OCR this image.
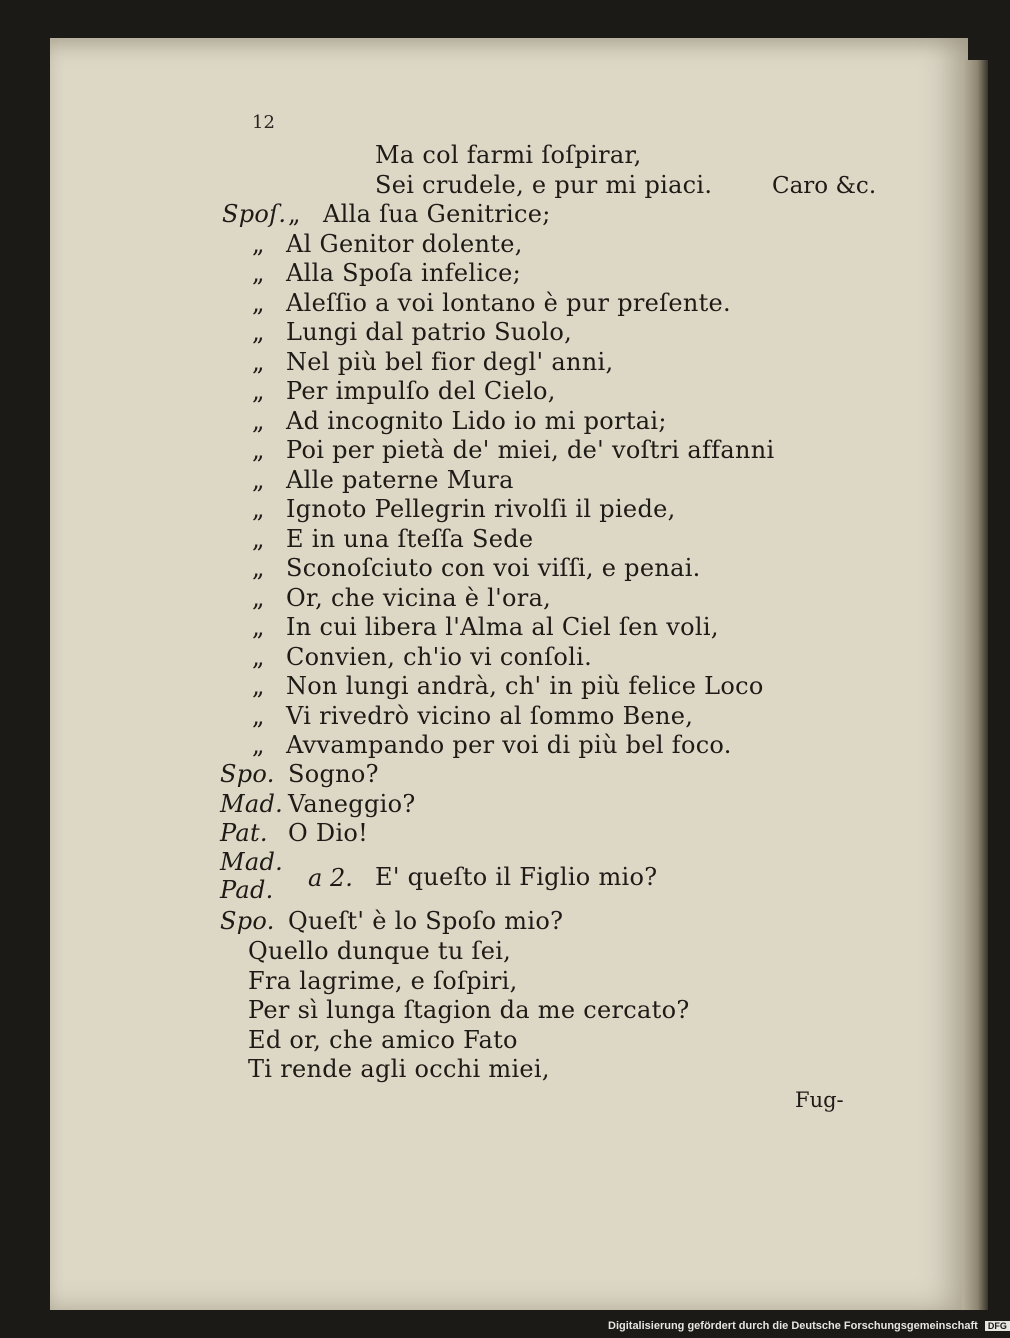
12
Ma col farmi ſoſpirar,
Sei crudele, e pur mi piaci.
Spoſ. „ Alla ſua Genitrice;
„ Al Genitor dolente,
„ Alla Spoſa infelice;
„ Aleſſio a voi lontano è pur preſente.
„ Lungi dal patrio Suolo,
„ Nel più bel fior degl' anni,
„ Per impulſo del Cielo,
„ Ad incognito Lido io mi portai;
„ Poi per pietà de' miei, de' voſtri affanni
„ Alle paterne Mura
„ Ignoto Pellegrin rivolſi il piede,
„ E in una ſteſſa Sede
„ Sconoſciuto con voi viſſi, e penai.
„ Or, che vicina è l'ora,
„ In cui libera l'Alma al Ciel ſen voli,
„ Convien, ch'io vi conſoli.
„ Non lungi andrà, ch' in più felice Loco
„ Vi rivedrò vicino al ſommo Bene,
„ Avvampando per voi di più bel foco.
Spo. Sogno?
Mad. Vaneggio?
Pat. O Dio!
Mad.
Pad. a 2. E' queſto il Figlio mio?
Spo. Queſt' è lo Spoſo mio?
Quello dunque tu ſei,
Fra lagrime, e ſoſpiri,
Per sì lunga ſtagion da me cercato?
Ed or, che amico Fato
Ti rende agli occhi miei,
Caro &c.
Fug-
Digitalisierung gefördert durch die Deutsche Forschungsgemeinschaft DFG
